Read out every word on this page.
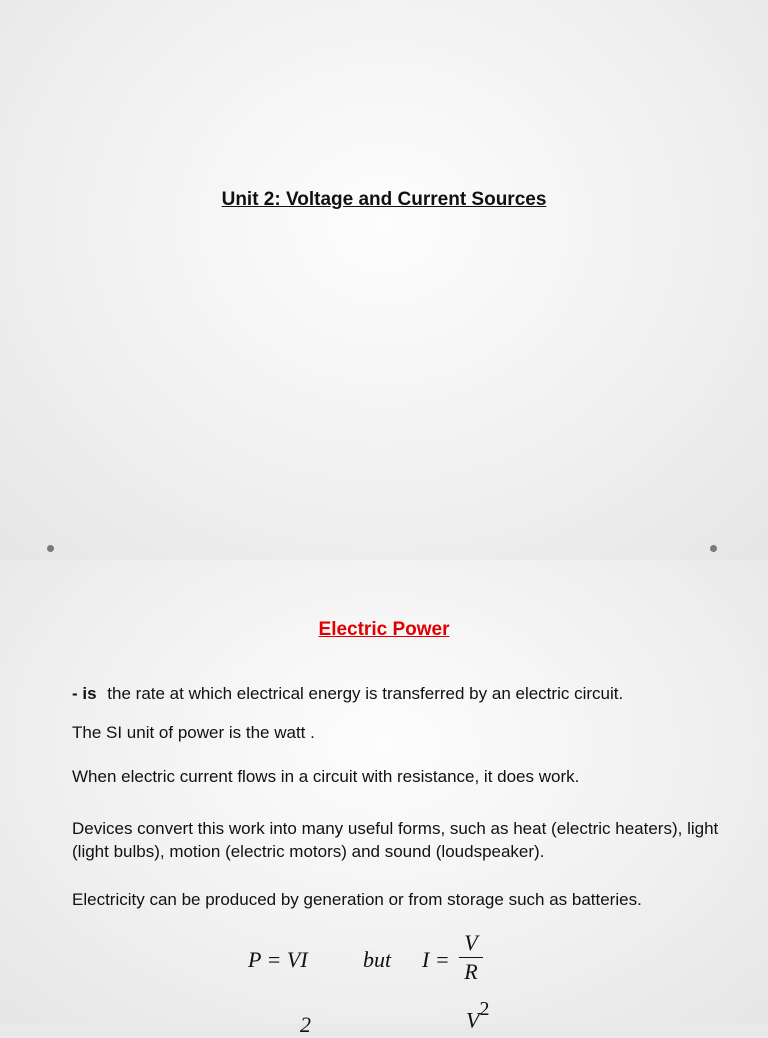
Unit 2: Voltage and Current Sources
Electric Power
- is the rate at which electrical energy is transferred by an electric circuit.
The SI unit of power is the watt .
When electric current flows in a circuit with resistance, it does work.
Devices convert this work into many useful forms, such as heat (electric heaters), light (light bulbs), motion (electric motors) and sound (loudspeaker).
Electricity can be produced by generation or from storage such as batteries.
P = VI	but I =
V
R
2	$V^2$
